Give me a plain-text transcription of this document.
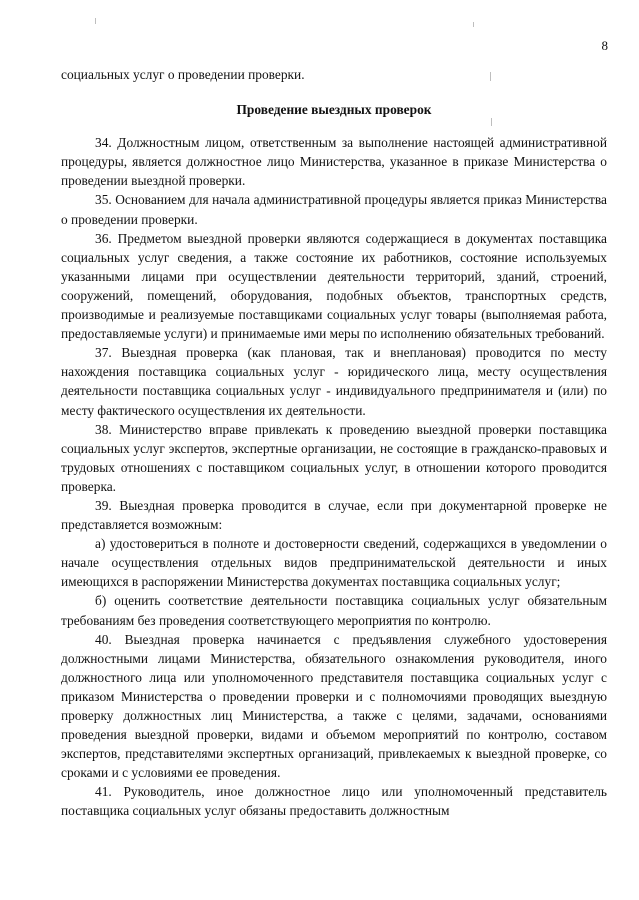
8

социальных услуг о проведении проверки.

Проведение выездных проверок

34. Должностным лицом, ответственным за выполнение настоящей административной процедуры, является должностное лицо Министерства, указанное в приказе Министерства о проведении выездной проверки.

35. Основанием для начала административной процедуры является приказ Министерства о проведении проверки.

36. Предметом выездной проверки являются содержащиеся в документах поставщика социальных услуг сведения, а также состояние их работников, состояние используемых указанными лицами при осуществлении деятельности территорий, зданий, строений, сооружений, помещений, оборудования, подобных объектов, транспортных средств, производимые и реализуемые поставщиками социальных услуг товары (выполняемая работа, предоставляемые услуги) и принимаемые ими меры по исполнению обязательных требований.

37. Выездная проверка (как плановая, так и внеплановая) проводится по месту нахождения поставщика социальных услуг - юридического лица, месту осуществления деятельности поставщика социальных услуг - индивидуального предпринимателя и (или) по месту фактического осуществления их деятельности.

38. Министерство вправе привлекать к проведению выездной проверки поставщика социальных услуг экспертов, экспертные организации, не состоящие в гражданско-правовых и трудовых отношениях с поставщиком социальных услуг, в отношении которого проводится проверка.

39. Выездная проверка проводится в случае, если при документарной проверке не представляется возможным:

а) удостовериться в полноте и достоверности сведений, содержащихся в уведомлении о начале осуществления отдельных видов предпринимательской деятельности и иных имеющихся в распоряжении Министерства документах поставщика социальных услуг;

б) оценить соответствие деятельности поставщика социальных услуг обязательным требованиям без проведения соответствующего мероприятия по контролю.

40. Выездная проверка начинается с предъявления служебного удостоверения должностными лицами Министерства, обязательного ознакомления руководителя, иного должностного лица или уполномоченного представителя поставщика социальных услуг с приказом Министерства о проведении проверки и с полномочиями проводящих выездную проверку должностных лиц Министерства, а также с целями, задачами, основаниями проведения выездной проверки, видами и объемом мероприятий по контролю, составом экспертов, представителями экспертных организаций, привлекаемых к выездной проверке, со сроками и с условиями ее проведения.

41. Руководитель, иное должностное лицо или уполномоченный представитель поставщика социальных услуг обязаны предоставить должностным
